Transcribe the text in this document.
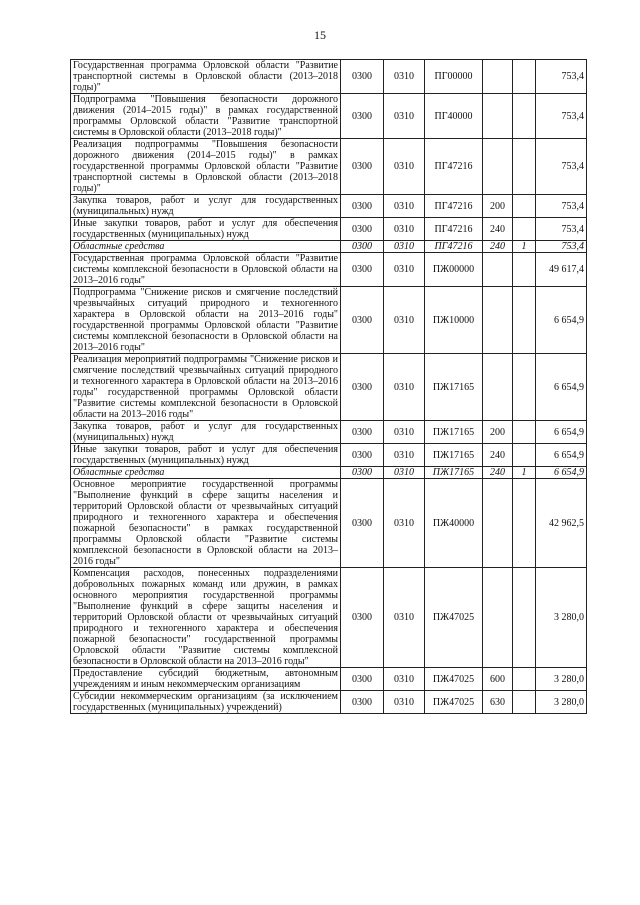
15
Государственная программа Орловской области "Развитие транспортной системы в Орловской области (2013–2018 годы)"	0300	0310	ПГ00000			753,4
Подпрограмма "Повышения безопасности дорожного движения (2014–2015 годы)" в рамках государственной программы Орловской области "Развитие транспортной системы в Орловской области (2013–2018 годы)"	0300	0310	ПГ40000			753,4
Реализация подпрограммы "Повышения безопасности дорожного движения (2014–2015 годы)" в рамках государственной программы Орловской области "Развитие транспортной системы в Орловской области (2013–2018 годы)"	0300	0310	ПГ47216			753,4
Закупка товаров, работ и услуг для государственных (муниципальных) нужд	0300	0310	ПГ47216	200		753,4
Иные закупки товаров, работ и услуг для обеспечения государственных (муниципальных) нужд	0300	0310	ПГ47216	240		753,4
Областные средства	0300	0310	ПГ47216	240	1	753,4
Государственная программа Орловской области "Развитие системы комплексной безопасности в Орловской области на 2013–2016 годы"	0300	0310	ПЖ00000			49 617,4
Подпрограмма "Снижение рисков и смягчение последствий чрезвычайных ситуаций природного и техногенного характера в Орловской области на 2013–2016 годы" государственной программы Орловской области "Развитие системы комплексной безопасности в Орловской области на 2013–2016 годы"	0300	0310	ПЖ10000			6 654,9
Реализация мероприятий подпрограммы "Снижение рисков и смягчение последствий чрезвычайных ситуаций природного и техногенного характера в Орловской области на 2013–2016 годы" государственной программы Орловской области "Развитие системы комплексной безопасности в Орловской области на 2013–2016 годы"	0300	0310	ПЖ17165			6 654,9
Закупка товаров, работ и услуг для государственных (муниципальных) нужд	0300	0310	ПЖ17165	200		6 654,9
Иные закупки товаров, работ и услуг для обеспечения государственных (муниципальных) нужд	0300	0310	ПЖ17165	240		6 654,9
Областные средства	0300	0310	ПЖ17165	240	1	6 654,9
Основное мероприятие государственной программы "Выполнение функций в сфере защиты населения и территорий Орловской области от чрезвычайных ситуаций природного и техногенного характера и обеспечения пожарной безопасности" в рамках государственной программы Орловской области "Развитие системы комплексной безопасности в Орловской области на 2013–2016 годы"	0300	0310	ПЖ40000			42 962,5
Компенсация расходов, понесенных подразделениями добровольных пожарных команд или дружин, в рамках основного мероприятия государственной программы "Выполнение функций в сфере защиты населения и территорий Орловской области от чрезвычайных ситуаций природного и техногенного характера и обеспечения пожарной безопасности" государственной программы Орловской области "Развитие системы комплексной безопасности в Орловской области на 2013–2016 годы"	0300	0310	ПЖ47025			3 280,0
Предоставление субсидий бюджетным, автономным учреждениям и иным некоммерческим организациям	0300	0310	ПЖ47025	600		3 280,0
Субсидии некоммерческим организациям (за исключением государственных (муниципальных) учреждений)	0300	0310	ПЖ47025	630		3 280,0
